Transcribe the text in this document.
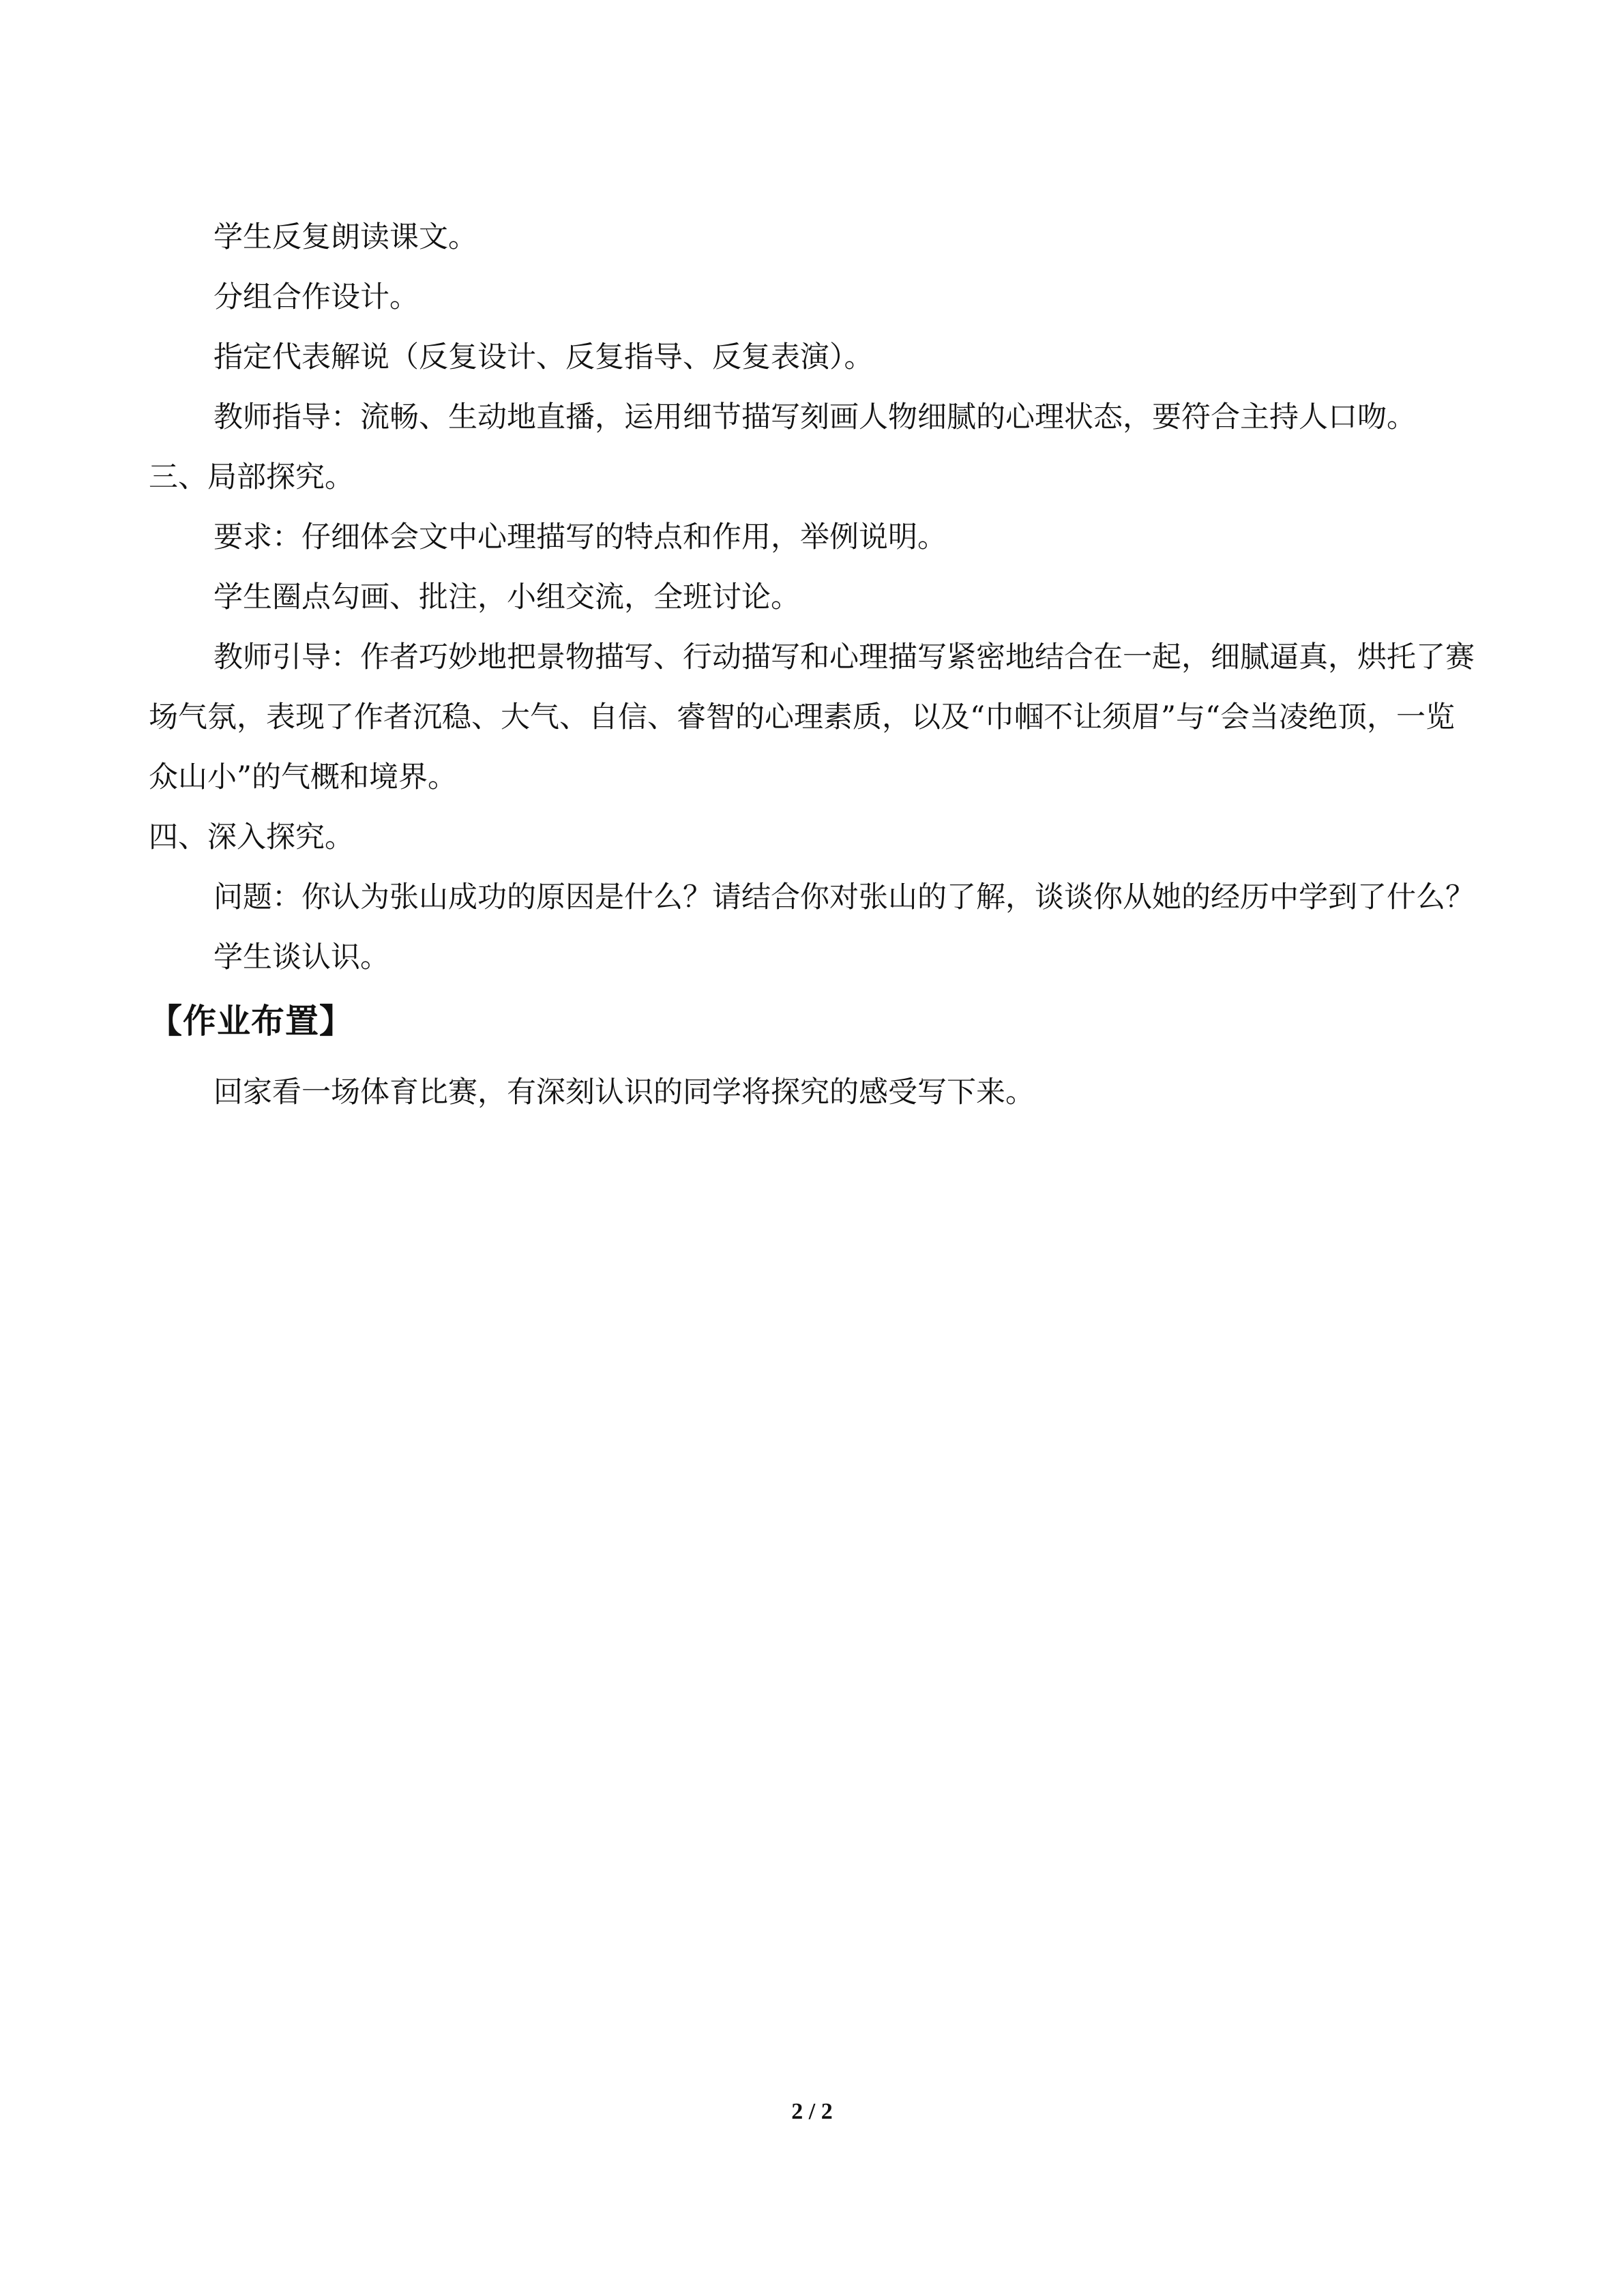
学生反复朗读课文。

分组合作设计。

指定代表解说（反复设计、反复指导、反复表演）。

教师指导：流畅、生动地直播，运用细节描写刻画人物细腻的心理状态，要符合主持人口吻。

三、局部探究。

要求：仔细体会文中心理描写的特点和作用，举例说明。

学生圈点勾画、批注，小组交流，全班讨论。

教师引导：作者巧妙地把景物描写、行动描写和心理描写紧密地结合在一起，细腻逼真，烘托了赛场气氛，表现了作者沉稳、大气、自信、睿智的心理素质，以及“巾帼不让须眉”与“会当凌绝顶，一览众山小”的气概和境界。

四、深入探究。

问题：你认为张山成功的原因是什么？请结合你对张山的了解，谈谈你从她的经历中学到了什么？

学生谈认识。

【作业布置】

回家看一场体育比赛，有深刻认识的同学将探究的感受写下来。

2 / 2
